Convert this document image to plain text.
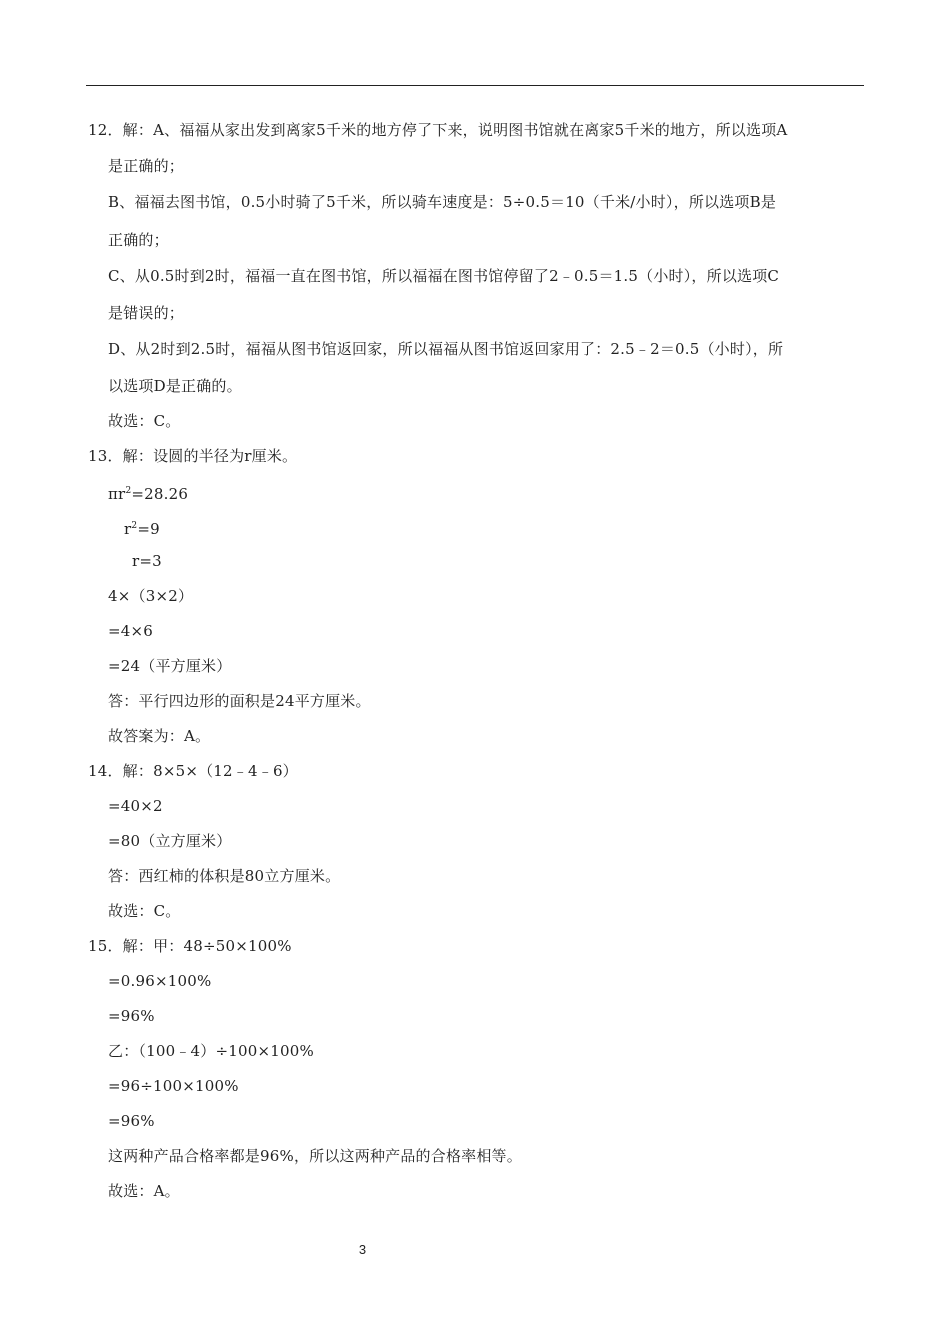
12．解：A、福福从家出发到离家5千米的地方停了下来，说明图书馆就在离家5千米的地方，所以选项A
是正确的；
B、福福去图书馆，0.5小时骑了5千米，所以骑车速度是：5÷0.5＝10（千米/小时），所以选项B是
正确的；
C、从0.5时到2时，福福一直在图书馆，所以福福在图书馆停留了2﹣0.5＝1.5（小时），所以选项C
是错误的；
D、从2时到2.5时，福福从图书馆返回家，所以福福从图书馆返回家用了：2.5﹣2＝0.5（小时），所
以选项D是正确的。
故选：C。
13．解：设圆的半径为r厘米。
$\pi r^2=28.26$
$r^2=9$
r=3
4×（3×2）
=4×6
=24（平方厘米）
答：平行四边形的面积是24平方厘米。
故答案为：A。
14．解：8×5×（12﹣4﹣6）
=40×2
=80（立方厘米）
答：西红柿的体积是80立方厘米。
故选：C。
15．解：甲：48÷50×100%
=0.96×100%
=96%
乙：（100﹣4）÷100×100%
=96÷100×100%
=96%
这两种产品合格率都是96%，所以这两种产品的合格率相等。
故选：A。
3
